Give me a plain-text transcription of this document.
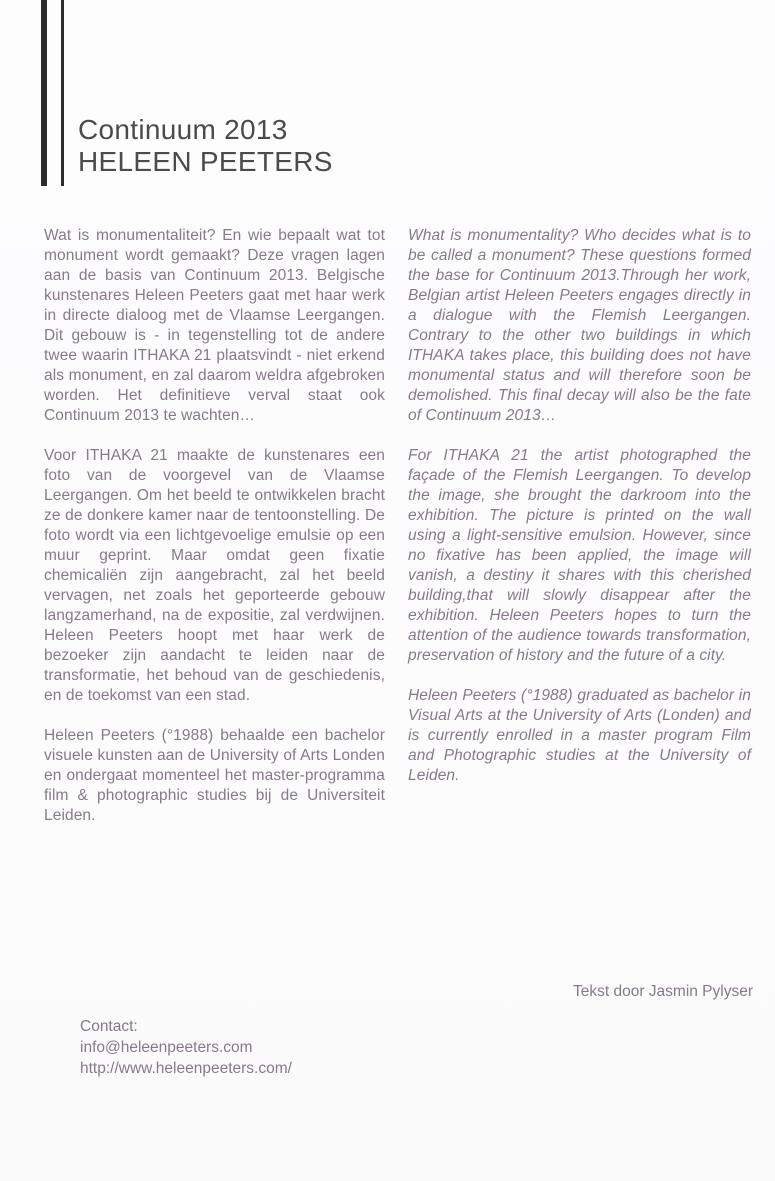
Continuum 2013
HELEEN PEETERS

Wat is monumentaliteit? En wie bepaalt wat tot monument wordt gemaakt? Deze vragen lagen aan de basis van Continuum 2013. Belgische kunstenares Heleen Peeters gaat met haar werk in directe dialoog met de Vlaamse Leergangen. Dit gebouw is - in tegenstelling tot de andere twee waarin ITHAKA 21 plaatsvindt - niet erkend als monument, en zal daarom weldra afgebroken worden. Het definitieve verval staat ook Continuum 2013 te wachten…

Voor ITHAKA 21 maakte de kunstenares een foto van de voorgevel van de Vlaamse Leergangen. Om het beeld te ontwikkelen bracht ze de donkere kamer naar de tentoonstelling. De foto wordt via een lichtgevoelige emulsie op een muur geprint. Maar omdat geen fixatie chemicaliën zijn aangebracht, zal het beeld vervagen, net zoals het geporteerde gebouw langzamerhand, na de expositie, zal verdwijnen. Heleen Peeters hoopt met haar werk de bezoeker zijn aandacht te leiden naar de transformatie, het behoud van de geschiedenis, en de toekomst van een stad.

Heleen Peeters (°1988) behaalde een bachelor visuele kunsten aan de University of Arts Londen en ondergaat momenteel het master-programma film & photographic studies bij de Universiteit Leiden.

What is monumentality? Who decides what is to be called a monument? These questions formed the base for Continuum 2013.Through her work, Belgian artist Heleen Peeters engages directly in a dialogue with the Flemish Leergangen. Contrary to the other two buildings in which ITHAKA takes place, this building does not have monumental status and will therefore soon be demolished. This final decay will also be the fate of Continuum 2013…

For ITHAKA 21 the artist photographed the façade of the Flemish Leergangen. To develop the image, she brought the darkroom into the exhibition. The picture is printed on the wall using a light-sensitive emulsion. However, since no fixative has been applied, the image will vanish, a destiny it shares with this cherished building,that will slowly disappear after the exhibition. Heleen Peeters hopes to turn the attention of the audience towards transformation, preservation of history and the future of a city.

Heleen Peeters (°1988) graduated as bachelor in Visual Arts at the University of Arts (Londen) and is currently enrolled in a master program Film and Photographic studies at the University of Leiden.

Tekst door Jasmin Pylyser
Contact:
info@heleenpeeters.com
http://www.heleenpeeters.com/
